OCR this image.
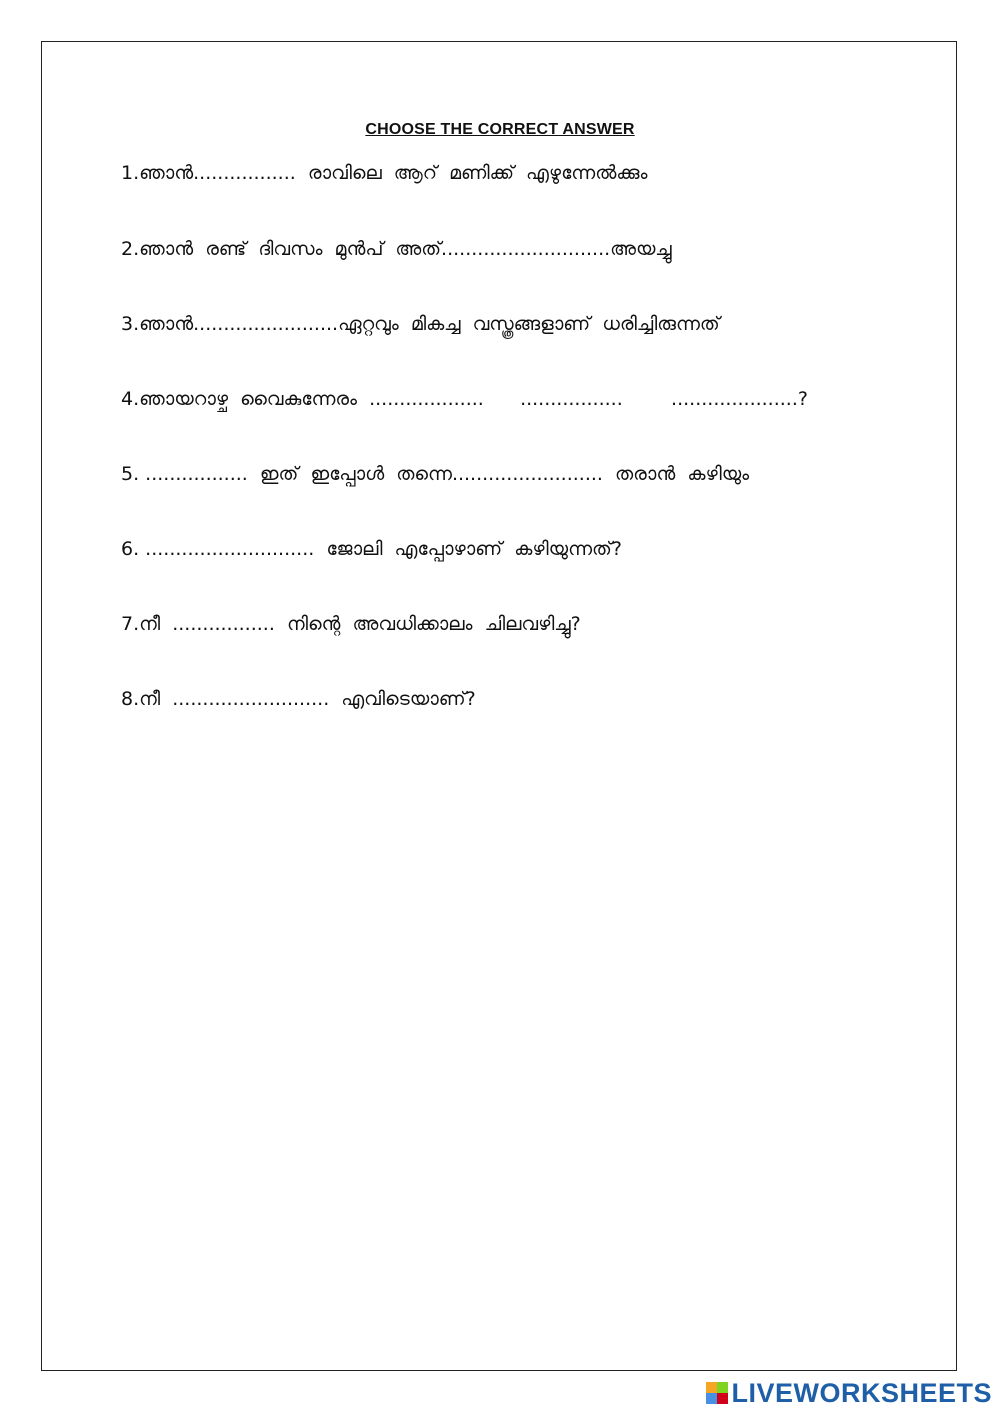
CHOOSE THE CORRECT ANSWER
1.ഞാൻ.................  രാവിലെ  ആറ്  മണിക്ക്  എഴുന്നേൽക്കും
2.ഞാൻ  രണ്ട്  ദിവസം  മുൻപ്  അത്............................അയച്ചു
3.ഞാൻ........................ഏറ്റവും  മികച്ച  വസ്ത്രങ്ങളാണ്  ധരിച്ചിരുന്നത്
4.ഞായറാഴ്ച  വൈകുന്നേരം  ...................      .................        .....................?
5. .................  ഇത്  ഇപ്പോൾ  തന്നെ.........................  തരാൻ  കഴിയും
6. ............................  ജോലി  എപ്പോഴാണ്  കഴിയുന്നത്?
7.നീ  .................  നിന്റെ  അവധിക്കാലം  ചിലവഴിച്ചു?
8.നീ  ..........................  എവിടെയാണ്?
LIVEWORKSHEETS
